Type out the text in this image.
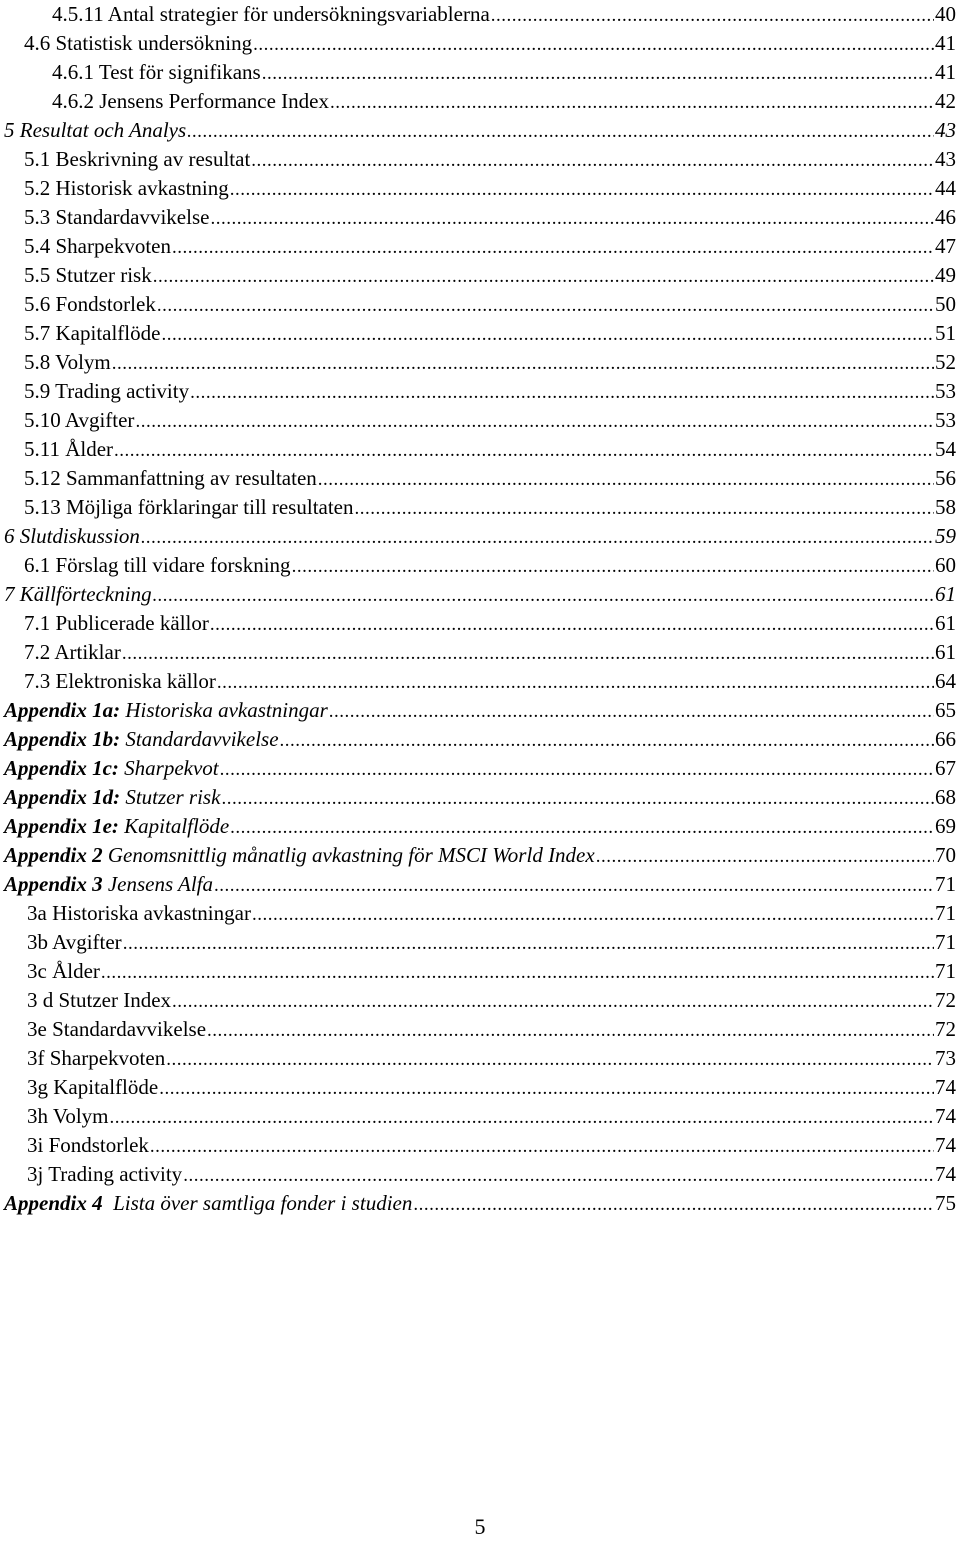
4.5.11 Antal strategier för undersökningsvariablerna .....	40
4.6 Statistisk undersökning .....	41
4.6.1 Test för signifikans .....	41
4.6.2 Jensens Performance Index .....	42
5 Resultat och Analys .....	43
5.1 Beskrivning av resultat .....	43
5.2 Historisk avkastning .....	44
5.3 Standardavvikelse .....	46
5.4 Sharpekvoten .....	47
5.5 Stutzer risk .....	49
5.6 Fondstorlek .....	50
5.7 Kapitalflöde .....	51
5.8 Volym .....	52
5.9 Trading activity .....	53
5.10 Avgifter .....	53
5.11 Ålder .....	54
5.12 Sammanfattning av resultaten .....	56
5.13 Möjliga förklaringar till resultaten .....	58
6 Slutdiskussion .....	59
6.1 Förslag till vidare forskning .....	60
7 Källförteckning .....	61
7.1 Publicerade källor .....	61
7.2 Artiklar .....	61
7.3 Elektroniska källor .....	64
Appendix 1a: Historiska avkastningar .....	65
Appendix 1b: Standardavvikelse .....	66
Appendix 1c: Sharpekvot .....	67
Appendix 1d: Stutzer risk .....	68
Appendix 1e: Kapitalflöde .....	69
Appendix 2 Genomsnittlig månatlig avkastning för MSCI World Index .....	70
Appendix 3 Jensens Alfa .....	71
3a Historiska avkastningar .....	71
3b Avgifter .....	71
3c Ålder .....	71
3 d Stutzer Index .....	72
3e Standardavvikelse .....	72
3f Sharpekvoten .....	73
3g Kapitalflöde .....	74
3h Volym .....	74
3i Fondstorlek .....	74
3j Trading activity .....	74
Appendix 4  Lista över samtliga fonder i studien .....	75
5
